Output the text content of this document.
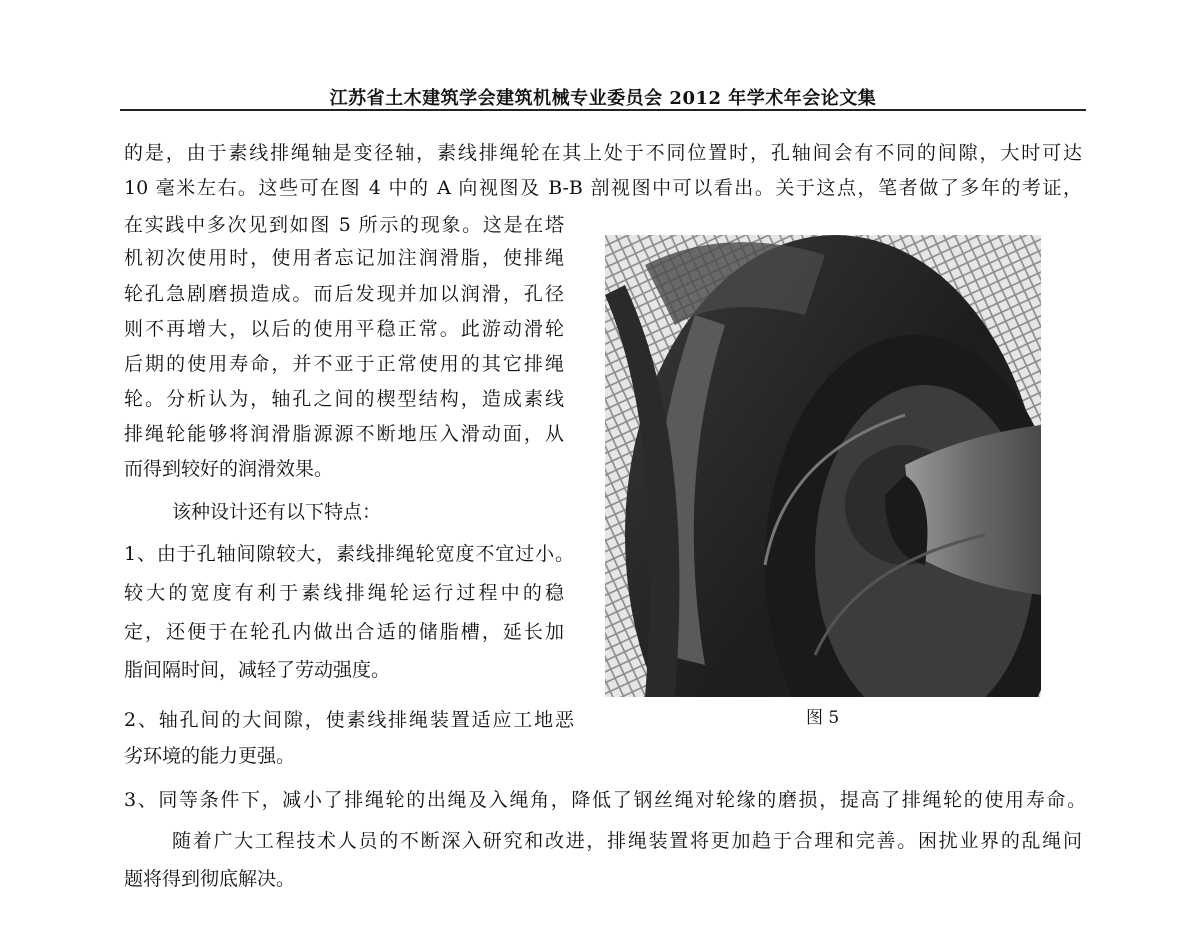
江苏省土木建筑学会建筑机械专业委员会 2012 年学术年会论文集
的是，由于素线排绳轴是变径轴，素线排绳轮在其上处于不同位置时，孔轴间会有不同的间隙，大时可达
10 毫米左右。这些可在图 4 中的 A 向视图及 B-B 剖视图中可以看出。关于这点，笔者做了多年的考证，
在实践中多次见到如图 5 所示的现象。这是在塔
机初次使用时，使用者忘记加注润滑脂，使排绳
轮孔急剧磨损造成。而后发现并加以润滑，孔径
则不再增大，以后的使用平稳正常。此游动滑轮
后期的使用寿命，并不亚于正常使用的其它排绳
轮。分析认为，轴孔之间的楔型结构，造成素线
排绳轮能够将润滑脂源源不断地压入滑动面，从
而得到较好的润滑效果。
该种设计还有以下特点：
1、由于孔轴间隙较大，素线排绳轮宽度不宜过小。
较大的宽度有利于素线排绳轮运行过程中的稳
定，还便于在轮孔内做出合适的储脂槽，延长加
脂间隔时间，减轻了劳动强度。
2、轴孔间的大间隙，使素线排绳装置适应工地恶
劣环境的能力更强。
3、同等条件下，减小了排绳轮的出绳及入绳角，降低了钢丝绳对轮缘的磨损，提高了排绳轮的使用寿命。
随着广大工程技术人员的不断深入研究和改进，排绳装置将更加趋于合理和完善。困扰业界的乱绳问
题将得到彻底解决。
图 5
